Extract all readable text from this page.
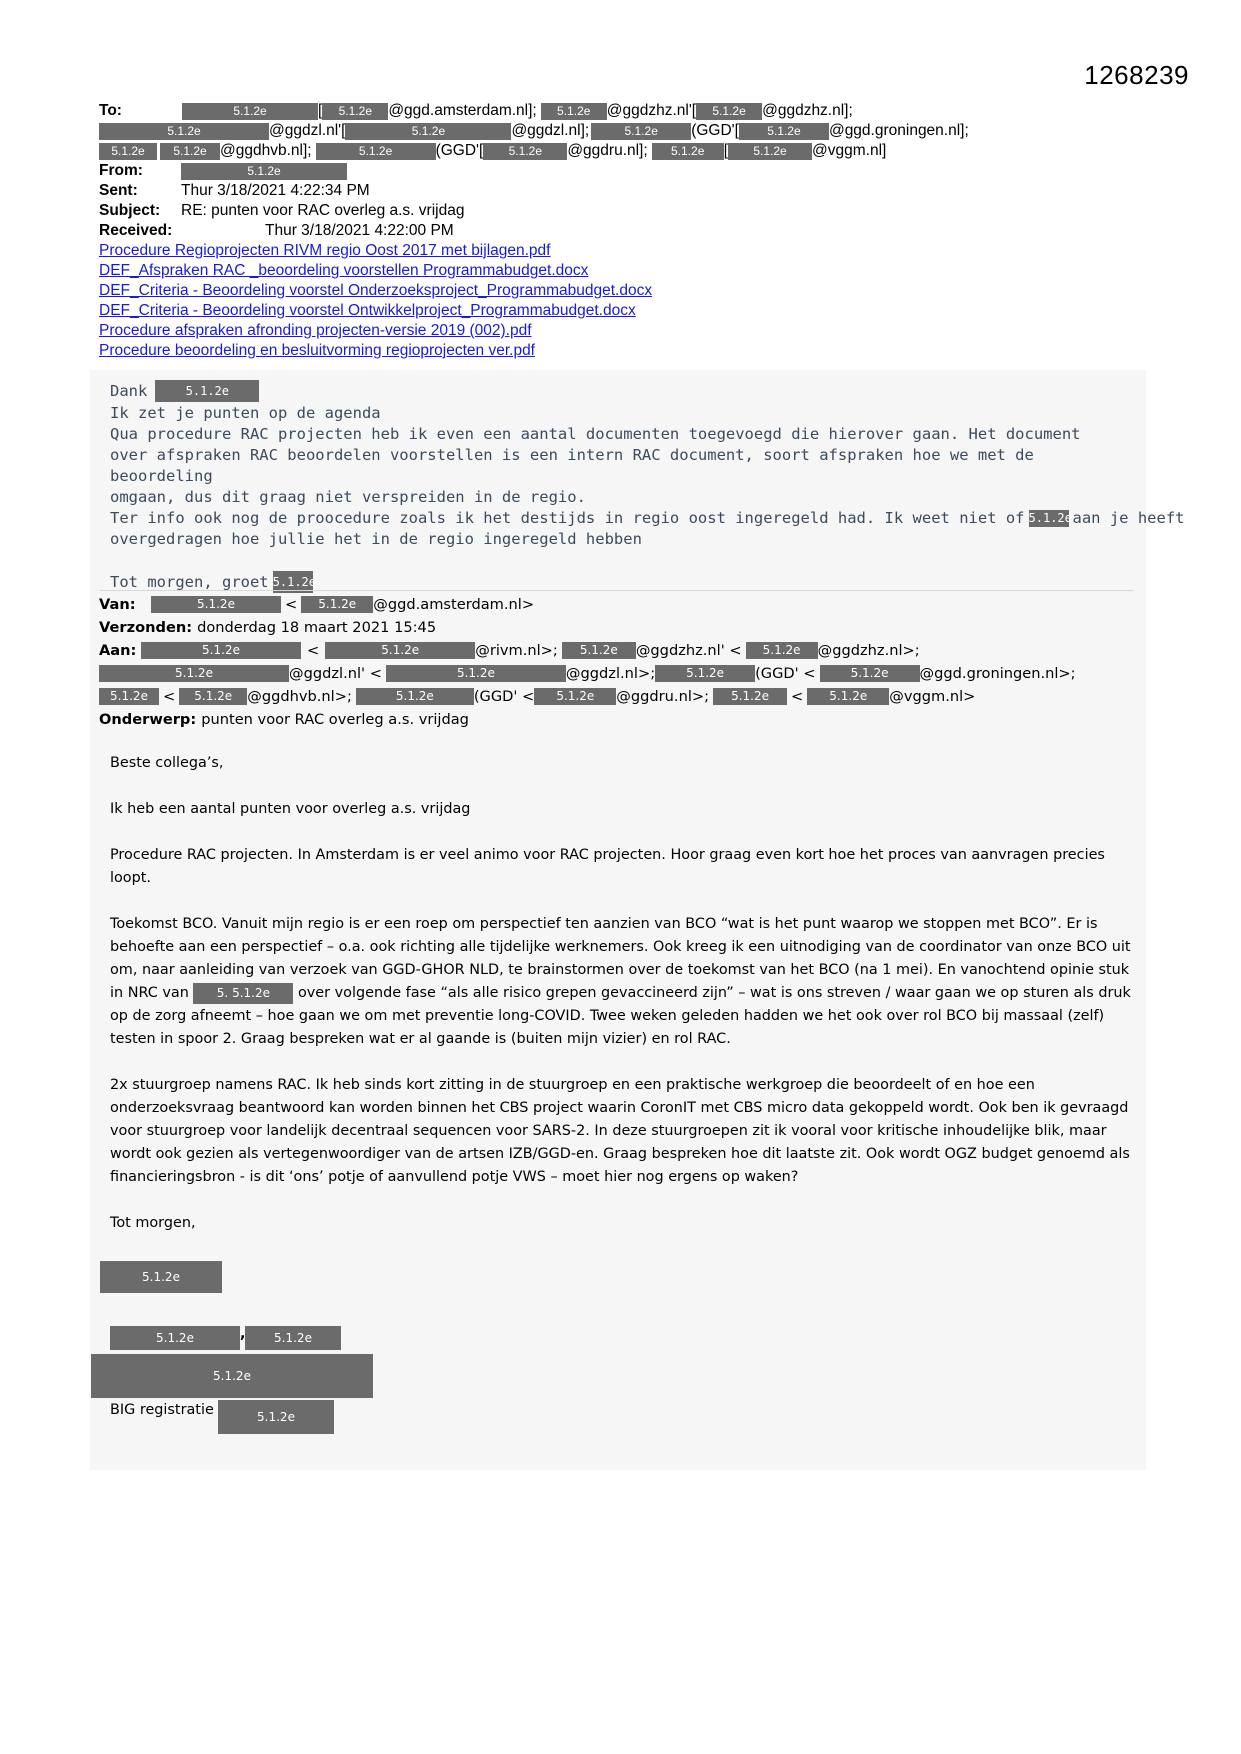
1268239
To:	5.1.2e	[	5.1.2e	@ggd.amsterdam.nl];	5.1.2e	@ggdzhz.nl'[	5.1.2e	@ggdzhz.nl];
5.1.2e	@ggdzl.nl'[	5.1.2e	@ggdzl.nl];	5.1.2e	(GGD'[	5.1.2e	@ggd.groningen.nl];
5.1.2e	5.1.2e @ggdhvb.nl];	5.1.2e	(GGD'[	5.1.2e	@ggdru.nl];	5.1.2e	[	5.1.2e	@vggm.nl]
From:	5.1.2e
Sent:	Thur 3/18/2021 4:22:34 PM
Subject:	RE: punten voor RAC overleg a.s. vrijdag
Received:	Thur 3/18/2021 4:22:00 PM
Procedure Regioprojecten RIVM regio Oost 2017 met bijlagen.pdf
DEF_Afspraken RAC _beoordeling voorstellen Programmabudget.docx
DEF_Criteria - Beoordeling voorstel Onderzoeksproject_Programmabudget.docx
DEF_Criteria - Beoordeling voorstel Ontwikkelproject_Programmabudget.docx
Procedure afspraken afronding projecten-versie 2019 (002).pdf
Procedure beoordeling en besluitvorming regioprojecten ver.pdf
Dank	5.1.2e
Ik zet je punten op de agenda
Qua procedure RAC projecten heb ik even een aantal documenten toegevoegd die hierover gaan. Het document
over afspraken RAC beoordelen voorstellen is een intern RAC document, soort afspraken hoe we met de beoordeling
omgaan, dus dit graag niet verspreiden in de regio.
Ter info ook nog de proocedure zoals ik het destijds in regio oost ingeregeld had. Ik weet niet of 5.1.2e aan je heeft
overgedragen hoe jullie het in de regio ingeregeld hebben
Tot morgen, groet 5.1.2e
Van:	5.1.2e	<	5.1.2e	@ggd.amsterdam.nl>
Verzonden: donderdag 18 maart 2021 15:45
Aan:	5.1.2e	<	5.1.2e	@rivm.nl>;	5.1.2e	@ggdzhz.nl' <	5.1.2e	@ggdzhz.nl>;
5.1.2e	@ggdzl.nl' <	5.1.2e	@ggdzl.nl>;	5.1.2e	(GGD' <	5.1.2e	@ggd.groningen.nl>;
5.1.2e	<	5.1.2e	@ggdhvb.nl>;	5.1.2e	(GGD' <	5.1.2e	@ggdru.nl>;	5.1.2e	<	5.1.2e	@vggm.nl>
Onderwerp: punten voor RAC overleg a.s. vrijdag

Beste collega’s,

Ik heb een aantal punten voor overleg a.s. vrijdag

Procedure RAC projecten. In Amsterdam is er veel animo voor RAC projecten. Hoor graag even kort hoe het proces van aanvragen precies loopt.

Toekomst BCO. Vanuit mijn regio is er een roep om perspectief ten aanzien van BCO “wat is het punt waarop we stoppen met BCO”. Er is behoefte aan een perspectief – o.a. ook richting alle tijdelijke werknemers. Ook kreeg ik een uitnodiging van de coordinator van onze BCO uit om, naar aanleiding van verzoek van GGD-GHOR NLD, te brainstormen over de toekomst van het BCO (na 1 mei). En vanochtend opinie stuk in NRC van 5. 5.1.2e over volgende fase “als alle risico grepen gevaccineerd zijn” – wat is ons streven / waar gaan we op sturen als druk op de zorg afneemt – hoe gaan we om met preventie long-COVID. Twee weken geleden hadden we het ook over rol BCO bij massaal (zelf) testen in spoor 2. Graag bespreken wat er al gaande is (buiten mijn vizier) en rol RAC.

2x stuurgroep namens RAC. Ik heb sinds kort zitting in de stuurgroep en een praktische werkgroep die beoordeelt of en hoe een onderzoeksvraag beantwoord kan worden binnen het CBS project waarin CoronIT met CBS micro data gekoppeld wordt. Ook ben ik gevraagd voor stuurgroep voor landelijk decentraal sequencen voor SARS-2. In deze stuurgroepen zit ik vooral voor kritische inhoudelijke blik, maar wordt ook gezien als vertegenwoordiger van de artsen IZB/GGD-en. Graag bespreken hoe dit laatste zit. Ook wordt OGZ budget genoemd als financieringsbron - is dit ‘ons’ potje of aanvullend potje VWS – moet hier nog ergens op waken?

Tot morgen,
5.1.2e
5.1.2e	,	5.1.2e
5.1.2e
BIG registratie	5.1.2e
